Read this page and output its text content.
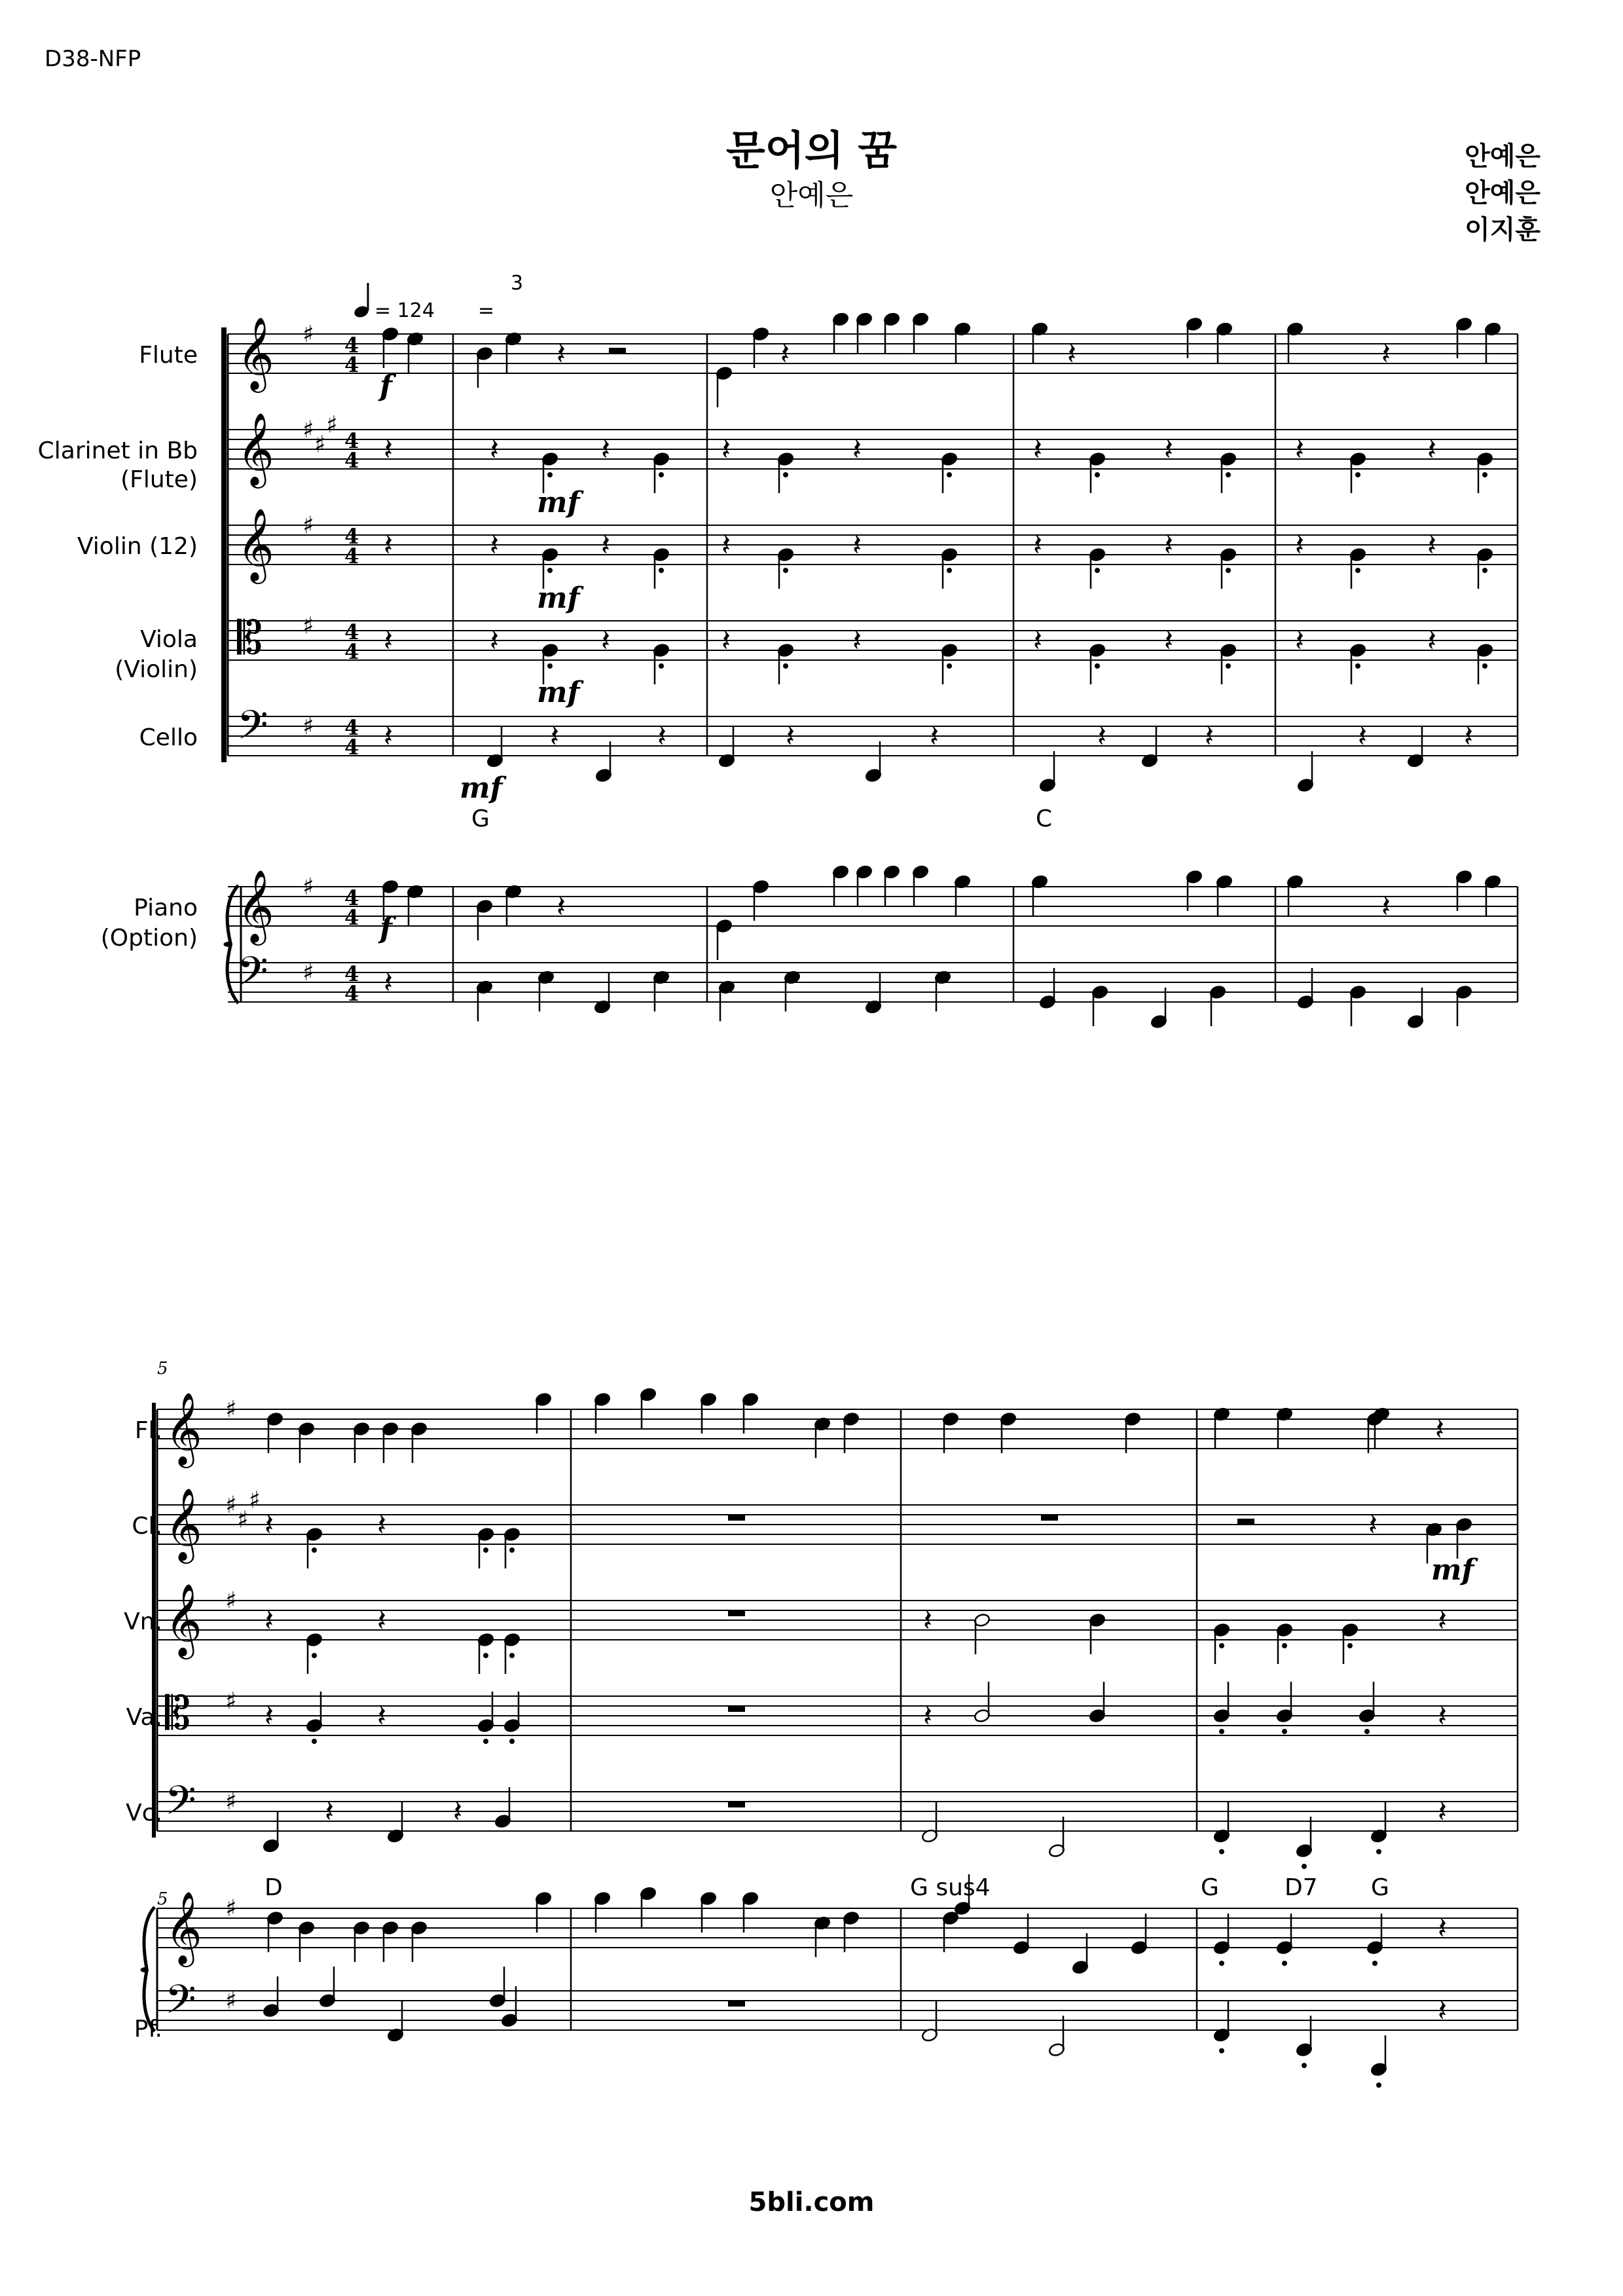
D38-NFP
문어의 꿈
안예은
안예은
안예은
이지훈
5bli.com
𝄞 ♯ 4
4
𝄞 ♯
♯
♯
4
4
𝄞 ♯ 4
4
𝄡 ♯ 4
4
𝄢 ♯ 4
4
𝄞 ♯ 4
4
𝄢 ♯ 4
4
𝄞 ♯
𝄞 ♯
♯
♯
𝄞 ♯
𝄡 ♯
𝄢 ♯
𝄞 ♯
𝄢 ♯
𝄽	𝄽	𝄽	𝄽
𝄽	𝄽	𝄽	𝄽	𝄽	𝄽	𝄽	𝄽
𝄽
𝄽	𝄽	𝄽	𝄽	𝄽	𝄽	𝄽	𝄽
𝄽
𝄽	𝄽	𝄽	𝄽	𝄽	𝄽	𝄽	𝄽
𝄽
𝄽	𝄽	𝄽	𝄽	𝄽	𝄽	𝄽	𝄽	𝄽
𝄽	𝄽
𝄽
𝄽
𝄽	𝄽	𝄽
𝄽	𝄽	𝄽	𝄽
𝄽	𝄽	𝄽	𝄽
𝄽	𝄽	𝄽
𝄽
𝄽
Flute
Clarinet in Bb
(Flute)
Violin (12)
Viola
(Violin)
Cello
Piano
(Option)
Fl.
Cl.
Vn.
Va.
Vc.
Pf.
= 124 =
3
5
5
f
mf
mf
mf
mf
f
mf
G	C
D	G sus4	G	D7 G
